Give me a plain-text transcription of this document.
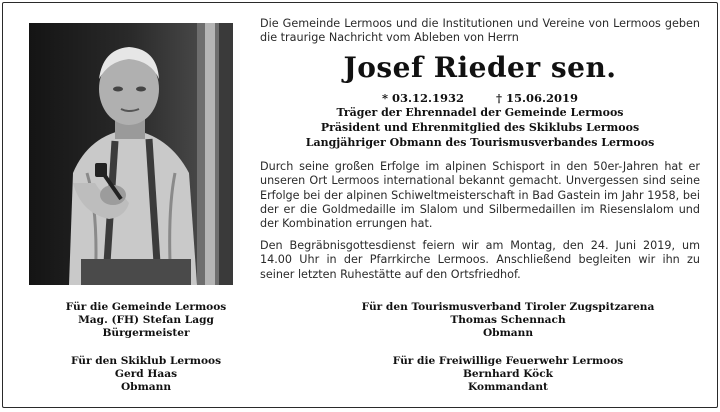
Die Gemeinde Lermoos und die Institutionen und Vereine von Lermoos geben die traurige Nachricht vom Ableben von Herrn

Josef Rieder sen.
* 03.12.1932	† 15.06.2019
Träger der Ehrennadel der Gemeinde Lermoos
Präsident und Ehrenmitglied des Skiklubs Lermoos
Langjähriger Obmann des Tourismusverbandes Lermoos

Durch seine großen Erfolge im alpinen Schisport in den 50er-Jahren hat er unseren Ort Lermoos international bekannt gemacht. Unvergessen sind seine Erfolge bei der alpinen Schiweltmeisterschaft in Bad Gastein im Jahr 1958, bei der er die Goldmedaille im Slalom und Silbermedaillen im Riesenslalom und der Kombination errungen hat.

Den Begräbnisgottesdienst feiern wir am Montag, den 24. Juni 2019, um 14.00 Uhr in der Pfarrkirche Lermoos. Anschließend begleiten wir ihn zu seiner letzten Ruhestätte auf den Ortsfriedhof.

Für die Gemeinde Lermoos
Mag. (FH) Stefan Lagg
Bürgermeister
Für den Tourismusverband Tiroler Zugspitzarena
Thomas Schennach
Obmann
Für den Skiklub Lermoos
Gerd Haas
Obmann
Für die Freiwillige Feuerwehr Lermoos
Bernhard Köck
Kommandant
